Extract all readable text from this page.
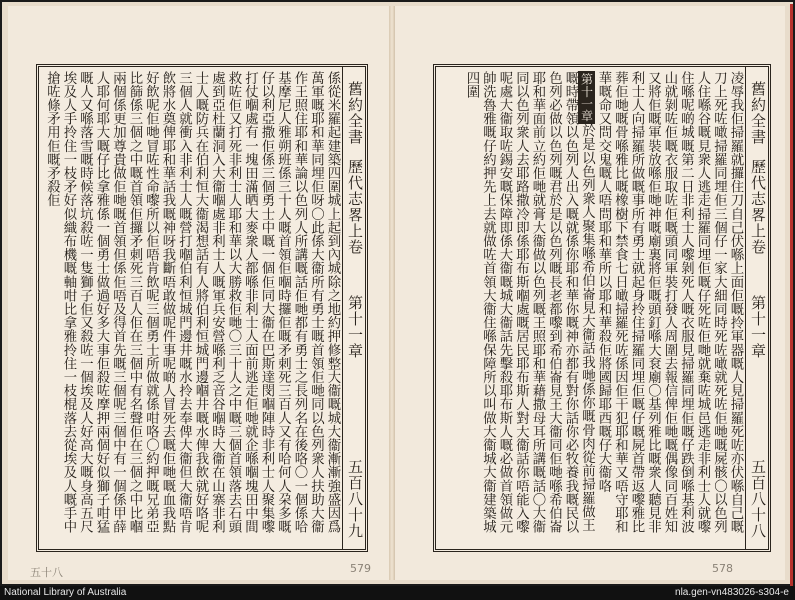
舊約全書
歷代志畧上卷
第十一章
五百八十九

係從米羅起建築四圍城上起到內城除之地約押修整大衞嘅城大衞漸漸強盛因爲萬軍嘅耶和華同埋佢呀〇此係大衞所有勇士嘅首領佢哋同以色列衆人扶助大衞作王照住耶和華論以色列人所講嘅話佢哋都有勇士之長列名在後咯〇一個係哈基摩尼人雅朔班係三十人嘅首領佢嗰時攞佢嘅矛刺死三百人又有哈何人朶多嘅仔以利亞撒佢係三個勇士中嘅一個佢同大衞在巴斯達閔嗰陣時非利士人聚集嚟打仗嗰處有一塊田滿晒大麥衆人都喺非利士人面前逃走佢哋就企喺嗰塊田中間救咗佢又打死非利士人耶和華以大勝救佢哋〇三十人之中嘅三個首領落去石頭處到亞杜蘭洞入大衞嗰處非利士人嘅軍兵安營喺利乏音谷嗰時大衞在山寨非利士人嘅防兵在伯利恒大衞渴想話有人將伯利恒城門邊嗰井嘅水俾我飲就好咯呢三個人就衝入非利士人嘅營打嗰伯利恒城門邊井嘅水拎去奉俾大衞但大衞唔肯飲將水奠俾耶和華話我嘅神呀我斷唔敢做呢件事呢啲人冒死去嘅佢哋嘅血我點好飲呢佢哋冒咗性命嚟所以佢唔肯飲呢三個勇士所做就係咁咯〇約押嘅兄弟亞比篩係三個之中嘅首領佢攞矛刺死三百人佢在三個中有名聲佢在三個之中比嗰兩個係更加尊貴做佢哋嘅首領但係佢唔及得首先嘅三個呢三個中有一個係甲薛人耶何耶大嘅仔比拿雅係一個勇士做過好多大事佢殺咗摩押兩個好似獅子咁猛嘅人又喺落雪嘅時候落坑殺咗一隻獅子佢又殺咗一個埃及人好高大嘅身高五尺埃及人手拎住一枝矛好似織布機嘅軸咁比拿雅拎住一枝棍落去從埃及人嘅手中搶咗條矛用佢嘅矛殺佢	舊約全書
歷代志畧上卷
第十一章
五百八十八

凌辱我佢掃羅就攞住刀自己伏喺上面佢嘅拎軍器嘅人見掃羅死咗亦伏喺自己嘅刀上死咗噉掃羅同埋佢三個仔一家大細同時死咗噉就死咗佢哋嘅屍骸〇以色列人住喺谷嘅見衆人逃走掃羅同埋佢嘅仔死咗佢哋就棄咗城邑逃走非利士人就嚟住喺呢啲城嘅第二日非利士人嚟剝死人嘅衣服見掃羅同埋佢嘅仔跌倒喺基利波山就剝咗佢嘅衣服取咗佢嘅頭同軍裝打發人周圍去報信俾佢哋嘅偶像同百姓知又將佢嘅軍裝放喺佢哋神嘅廟裏將佢嘅頭釘喺大袞廟〇基列雅比嘅衆人聽見非利士人向掃羅所做嘅事所有勇士就起身拎住掃羅同埋佢嘅仔嘅屍首帶返嚟雅比葬佢哋嘅骨喺雅比嘅橡樹下禁食七日噉掃羅死咗係因佢干犯耶和華又唔守耶和華嘅命又問交鬼嘅人唔問耶和華所以耶和華殺佢將國歸耶西嘅仔大衞咯第十一章於是以色列衆人聚集喺希伯崙見大衞話我哋係你嘅骨肉從前掃羅做王嘅時帶領以色列人出入嘅就係你耶和華你嘅神亦都有對你話你必牧養我嘅民以色列必做以色列嘅君於是以色列嘅長老都嚟到希伯崙見王大衞同佢哋喺希伯崙耶和華面前立約佢哋就膏大衞做以色列嘅王照耶和華藉撒母耳所講嘅話〇大衞同以色列衆人去耶路撒冷即係耶布斯嗰處嘅居民耶布斯人對大衞話你唔能入嚟呢處大衞取咗錫安嘅保障即係大衞嘅城大衞話先擊殺耶布斯人嘅必做首領做元帥洗魯雅嘅仔約押先上去就做咗首領大衞住喺保障所以叫做大衞城大衞建築城四圍

五十八	579	578
National Library of Australia	nla.gen-vn483026-s304-e
